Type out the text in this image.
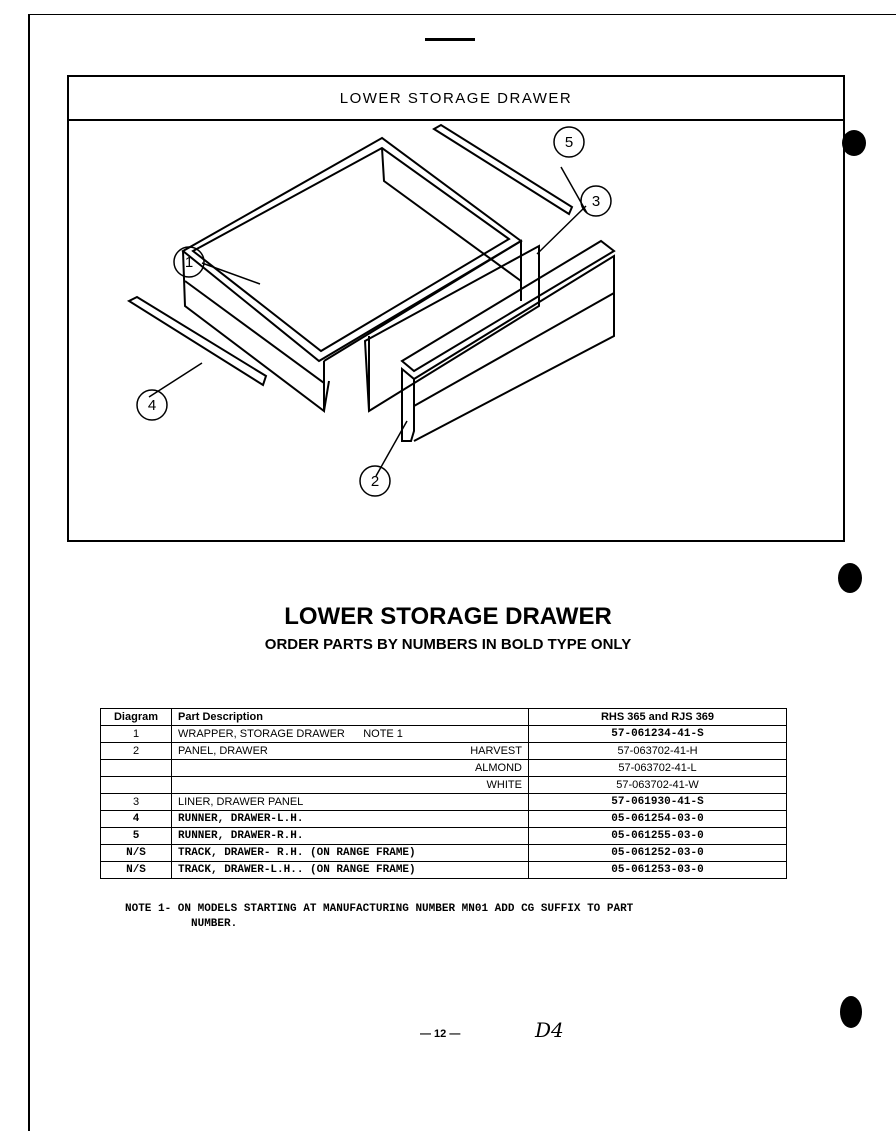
LOWER STORAGE DRAWER
1
2
3
4
5
LOWER STORAGE DRAWER
ORDER PARTS BY NUMBERS IN BOLD TYPE ONLY
Diagram	Part Description	RHS 365 and RJS 369
1	WRAPPER, STORAGE DRAWER      NOTE 1	57-061234-41-S
2	PANEL, DRAWER HARVEST	57-063702-41-H

	ALMOND	57-063702-41-L

	WHITE	57-063702-41-W
3	LINER, DRAWER PANEL	57-061930-41-S
4	RUNNER, DRAWER-L.H.	05-061254-03-0
5	RUNNER, DRAWER-R.H.	05-061255-03-0
N/S	TRACK, DRAWER- R.H. (ON RANGE FRAME)	05-061252-03-0
N/S	TRACK, DRAWER-L.H.. (ON RANGE FRAME)	05-061253-03-0
NOTE 1- ON MODELS STARTING AT MANUFACTURING NUMBER MN01 ADD CG SUFFIX TO PART
NUMBER.
— 12 —	D4
